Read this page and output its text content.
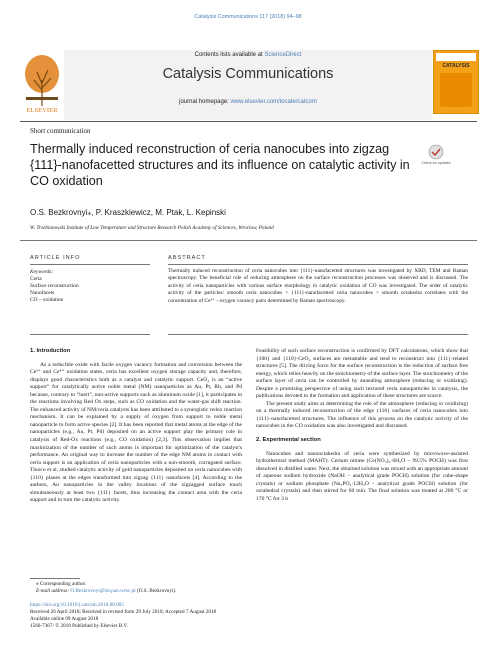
Catalysis Communications 117 (2018) 94–98
Contents lists available at ScienceDirect
Catalysis Communications
journal homepage: www.elsevier.com/locate/catcom
ELSEVIER
CATALYSIS
Short communication
Thermally induced reconstruction of ceria nanocubes into zigzag {111}-nanofacetted structures and its influence on catalytic activity in CO oxidation
Check for updates
O.S. Bezkrovnyi⁎, P. Kraszkiewicz, M. Ptak, L. Kepinski
W. Trzebiatowski Institute of Low Temperature and Structure Research Polish Academy of Sciences, Wroclaw, Poland
ARTICLE INFO	ABSTRACT
Keywords:
Ceria
Surface reconstruction
Nanofacets
CO – oxidation
Thermally induced reconstruction of ceria nanocubes into {111}-nanofacetted structures was investigated by XRD, TEM and Raman spectroscopy. The beneficial role of reducing atmosphere on the surface reconstruction processes was observed and is discussed. The activity of ceria nanoparticles with various surface morphology in catalytic oxidation of CO was investigated. The order of catalytic activity of the particles: smooth ceria nanocubes > {111}-nanofacetted ceria nanocubes > smooth octahedra correlates with the concentration of Ce³⁺ - oxygen vacancy pairs determined by Raman spectroscopy.

1. Introduction

As a reducible oxide with facile oxygen vacancy formation and conversion between the Ce³⁺ and Ce⁴⁺ oxidation states, ceria has excellent oxygen storage capacity and, therefore, displays good characteristics both as a catalyst and catalytic support. CeO₂ is an “active support” for catalytically active noble metal (NM) nanoparticles as Au, Pt, Rh, and Pd because, contrary to “inert”, non-active supports such as aluminum oxide [1], it participates in the reactions involving Red Ox steps, such as CO oxidation and the water-gas shift reaction. The enhanced activity of NM/ceria catalysts has been attributed to a synergistic redox reaction mechanism. It can be explained by a supply of oxygen from support to noble metal nanoparticle to form active species [2]. It has been reported that metal atoms at the edge of the nanoparticles (e.g., Au, Pt, Pd) deposited on an active support play the primary role in catalysis of Red-Ox reactions (e.g., CO oxidation) [2,3]. This observation implies that maximization of the number of such atoms is important for optimization of the catalyst's performance. An original way to increase the number of the edge NM atoms in contact with ceria support is an application of ceria nanoparticles with a non-smooth, corrugated surface. Tinoco et al. studied catalytic activity of gold nanoparticles deposited on ceria nanocubes with {110} planes at the edges transformed into zigzag {111} nanofacets [4]. According to the authors, Au nanoparticles in the valley locations of the zigzagged surface touch simultaneously at least two {111} facets, thus increasing the contact area with the ceria support and in turn the catalytic activity.

Feasibility of such surface reconstruction is confirmed by DFT calculations, which show that {100} and {110}-CeO₂ surfaces are metastable and tend to reconstruct into {111}-related structures [5]. The driving force for the surface reconstruction is the reduction of surface free energy, which relies heavily on the stoichiometry of the surface layer. The stoichiometry of the surface layer of ceria can be controlled by annealing atmosphere (reducing or oxidizing). Despite a promising perspective of using such textured ceria nanoparticles in catalysis, the publications devoted to the formation and application of these structures are scarce.

The present study aims at determining the role of the atmosphere (reducing or oxidizing) on a thermally induced reconstruction of the edge {110} surfaces of ceria nanocubes into {111}-nanofacetted structures. The influence of this process on the catalytic activity of the nanocubes in the CO oxidation was also investigated and discussed.

2. Experimental section

Nanocubes and nanooctahedra of ceria were synthesized by microwave-assisted hydrothermal method (MAHT). Cerium nitrate (Ce(NO₃)₃·6H₂O – 99.5% POCH) was first dissolved in distilled water. Next, the obtained solution was mixed with an appropriate amount of aqueous sodium hydroxide (NaOH – analytical grade POCH) solution (for cube-shape crystals) or sodium phosphate (Na₃PO₄·12H₂O - analytical grade POCH) solution (for octahedral crystals) and then stirred for 60 min. The final solution was treated at 200 °C or 170 °C for 3 h

⁎ Corresponding author.
E-mail address: O.Bezkrovnyi@int.pan.wroc.pl (O.S. Bezkrovnyi).
https://doi.org/10.1016/j.catcom.2018.08.005
Received 26 April 2018; Received in revised form 29 July 2018; Accepted 7 August 2018
Available online 09 August 2018
1566-7367/ © 2018 Published by Elsevier B.V.
